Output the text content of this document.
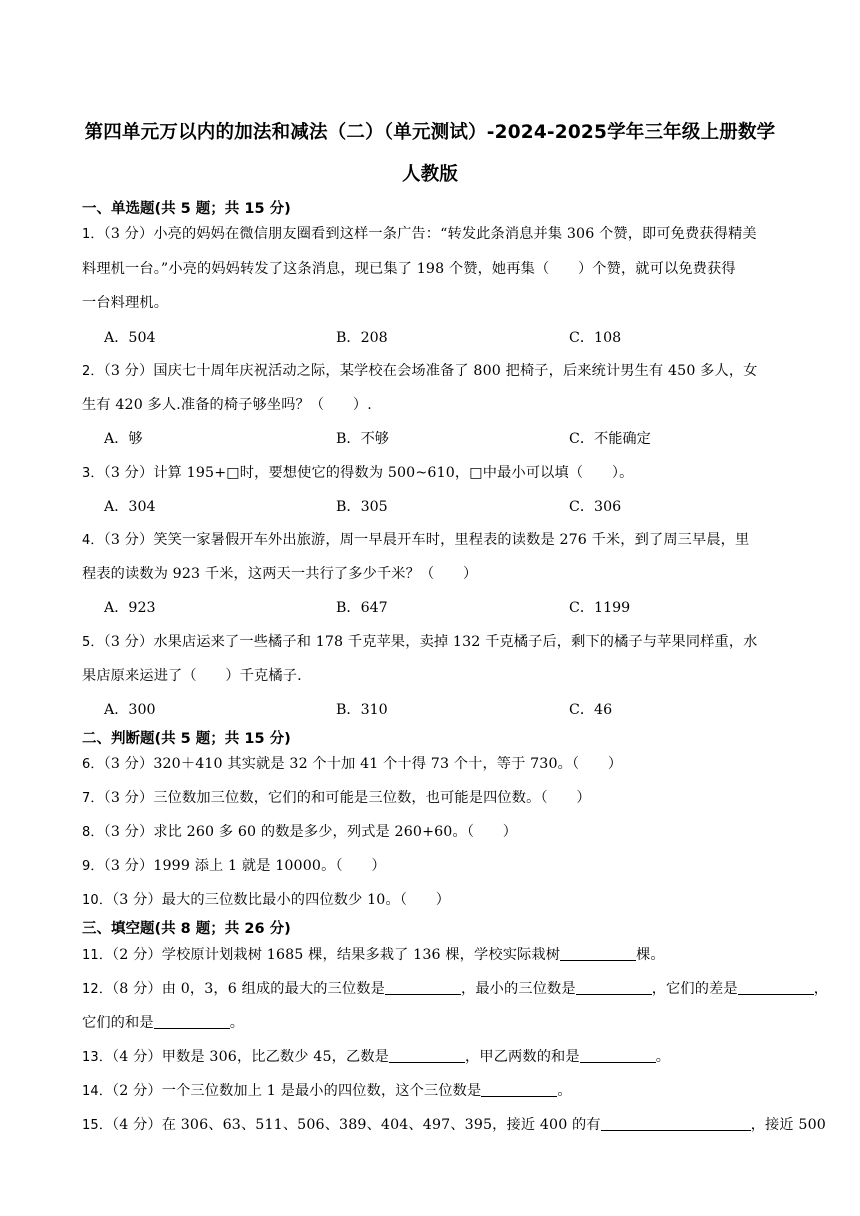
第四单元万以内的加法和减法（二）（单元测试）-2024-2025学年三年级上册数学
人教版
一、单选题(共 5 题；共 15 分)
1．（3 分）小亮的妈妈在微信朋友圈看到这样一条广告：“转发此条消息并集 306 个赞，即可免费获得精美
料理机一台。”小亮的妈妈转发了这条消息，现已集了 198 个赞，她再集（　　）个赞，就可以免费获得
一台料理机。
A．504	B．208	C．108
2．（3 分）国庆七十周年庆祝活动之际，某学校在会场准备了 800 把椅子，后来统计男生有 450 多人，女
生有 420 多人.准备的椅子够坐吗？（　　）.
A．够	B．不够	C．不能确定
3．（3 分）计算 195+□时，要想使它的得数为 500~610，□中最小可以填（　　）。
A．304	B．305	C．306
4．（3 分）笑笑一家暑假开车外出旅游，周一早晨开车时，里程表的读数是 276 千米，到了周三早晨，里
程表的读数为 923 千米，这两天一共行了多少千米？（　　）
A．923	B．647	C．1199
5．（3 分）水果店运来了一些橘子和 178 千克苹果，卖掉 132 千克橘子后，剩下的橘子与苹果同样重，水
果店原来运进了（　　）千克橘子.
A．300	B．310	C．46
二、判断题(共 5 题；共 15 分)
6．（3 分）320＋410 其实就是 32 个十加 41 个十得 73 个十，等于 730。（　　）
7．（3 分）三位数加三位数，它们的和可能是三位数，也可能是四位数。（　　）
8．（3 分）求比 260 多 60 的数是多少，列式是 260+60。（　　）
9．（3 分）1999 添上 1 就是 10000。（　　）
10．（3 分）最大的三位数比最小的四位数少 10。（　　）
三、填空题(共 8 题；共 26 分)
11．（2 分）学校原计划栽树 1685 棵，结果多栽了 136 棵，学校实际栽树	棵。
12．（8 分）由 0，3，6 组成的最大的三位数是	，最小的三位数是	，它们的差是	，
它们的和是	。
13．（4 分）甲数是 306，比乙数少 45，乙数是	，甲乙两数的和是	。
14．（2 分）一个三位数加上 1 是最小的四位数，这个三位数是	。
15．（4 分）在 306、63、511、506、389、404、497、395，接近 400 的有	，接近 500
